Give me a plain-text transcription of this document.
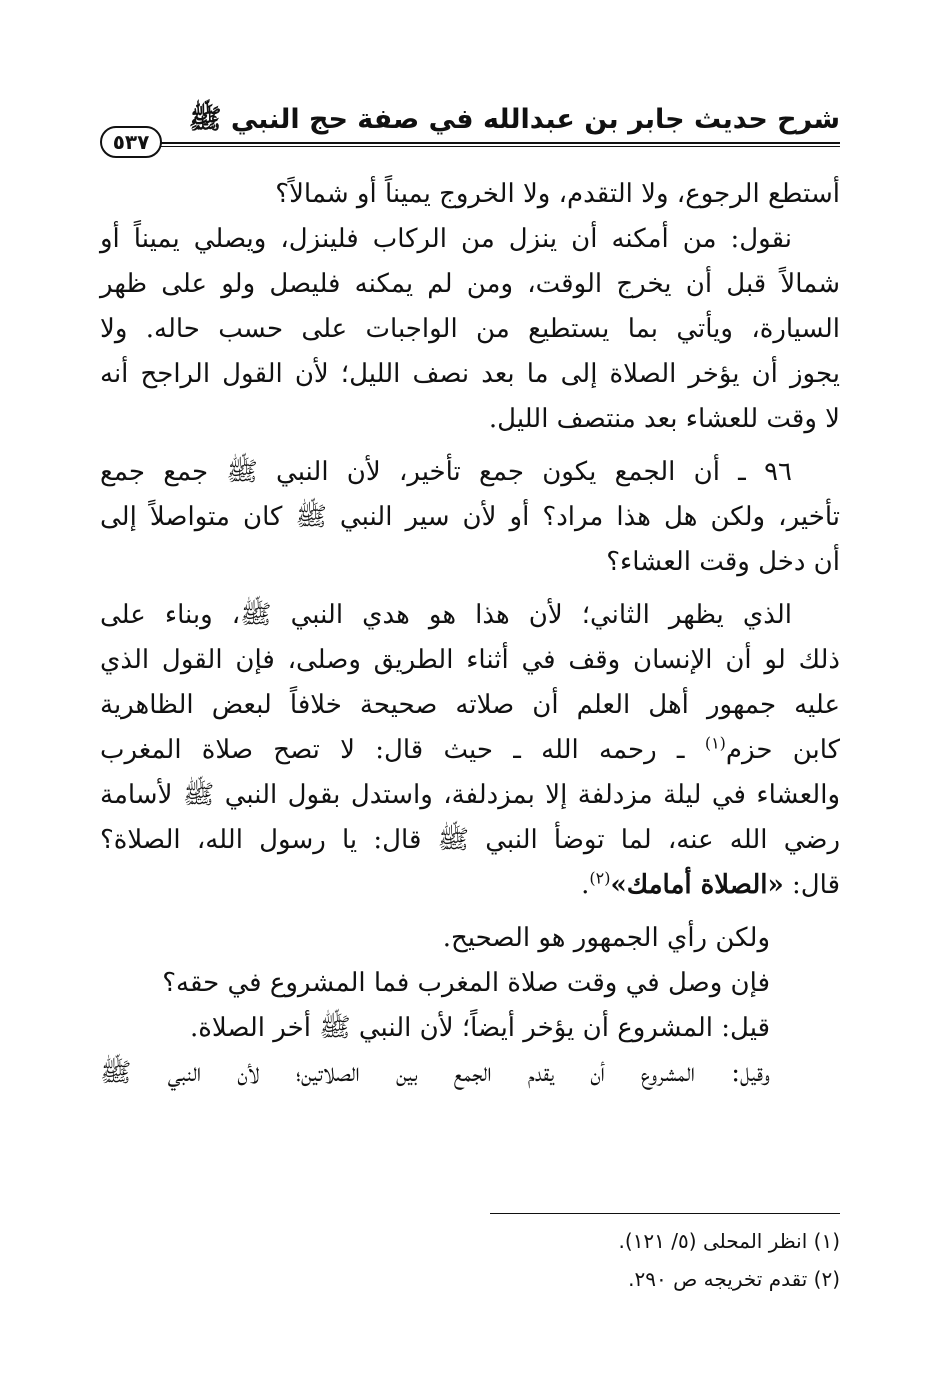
شرح حديث جابر بن عبدالله في صفة حج النبي ﷺ
٥٣٧
أستطع الرجوع، ولا التقدم، ولا الخروج يميناً أو شمالاً؟
نقول: من أمكنه أن ينزل من الركاب فلينزل، ويصلي يميناً أو
شمالاً قبل أن يخرج الوقت، ومن لم يمكنه فليصل ولو على ظهر
السيارة، ويأتي بما يستطيع من الواجبات على حسب حاله. ولا
يجوز أن يؤخر الصلاة إلى ما بعد نصف الليل؛ لأن القول الراجح أنه
لا وقت للعشاء بعد منتصف الليل.
٩٦ ـ أن الجمع يكون جمع تأخير، لأن النبي ﷺ جمع جمع
تأخير، ولكن هل هذا مراد؟ أو لأن سير النبي ﷺ كان متواصلاً إلى
أن دخل وقت العشاء؟
الذي يظهر الثاني؛ لأن هذا هو هدي النبي ﷺ، وبناء على
ذلك لو أن الإنسان وقف في أثناء الطريق وصلى، فإن القول الذي
عليه جمهور أهل العلم أن صلاته صحيحة خلافاً لبعض الظاهرية
كابن حزم$^{(١)}$ ـ رحمه الله ـ حيث قال: لا تصح صلاة المغرب
والعشاء في ليلة مزدلفة إلا بمزدلفة، واستدل بقول النبي ﷺ لأسامة
رضي الله عنه، لما توضأ النبي ﷺ قال: يا رسول الله، الصلاة؟
قال: «الصلاة أمامك»$^{(٢)}$.
ولكن رأي الجمهور هو الصحيح.
فإن وصل في وقت صلاة المغرب فما المشروع في حقه؟
قيل: المشروع أن يؤخر أيضاً؛ لأن النبي ﷺ أخر الصلاة.
وقيل: المشروع أن يقدم الجمع بين الصلاتين؛ لأن النبي ﷺ
(١) انظر المحلى (٥/ ١٢١).
(٢) تقدم تخريجه ص ٢٩٠.
